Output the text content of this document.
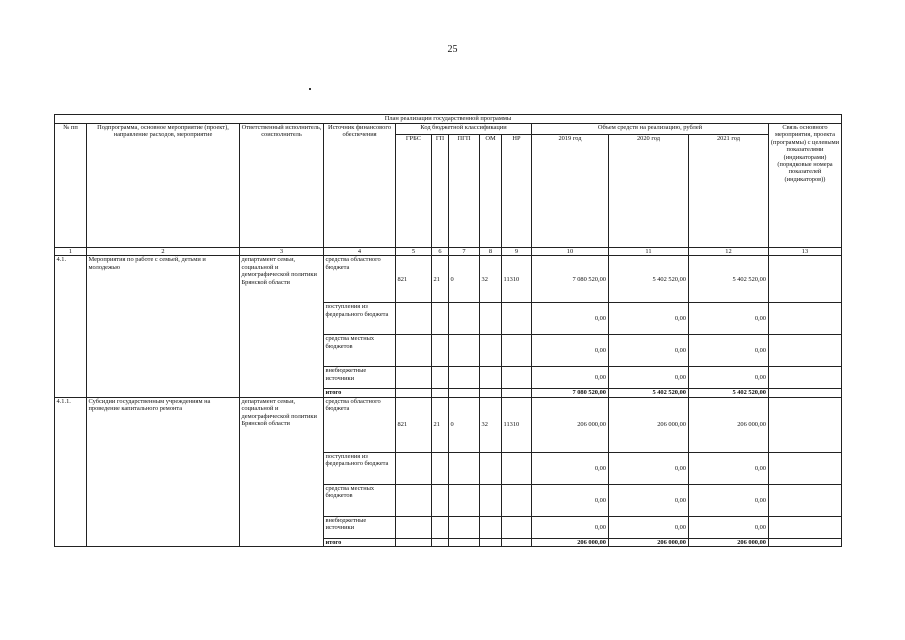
25
План реализации государственной программы												
№ пп	Подпрограмма, основное мероприятие (проект), направление расходов, мероприятие	Ответственный исполнитель, соисполнитель	Источник финансового обеспечения	Код бюджетной классификации					Объем средств на реализацию, рублей			Связь основного мероприятия, проекта (программы) с целевыми показателями (индикаторами) (порядковые номера показателей (индикаторов))
				ГРБС	ГП	ПГП	ОМ	НР	2019 год	2020 год	2021 год	
1	2	3	4	5	6	7	8	9	10	11	12	13
4.1.	Мероприятия по работе с семьей, детьми и молодежью	департамент семьи, социальной и демографической политики Брянской области	средства областного бюджета	821	21	0	32	11310	7 080 520,00	5 402 520,00	5 402 520,00	
			поступления из федерального бюджета						0,00	0,00	0,00	
			средства местных бюджетов						0,00	0,00	0,00	
			внебюджетные источники						0,00	0,00	0,00	
			итого						7 080 520,00	5 402 520,00	5 402 520,00	
4.1.1.	Субсидии государственным учреждениям на проведение капитального ремонта	департамент семьи, социальной и демографической политики Брянской области	средства областного бюджета	821	21	0	32	11310	206 000,00	206 000,00	206 000,00	
			поступления из федерального бюджета						0,00	0,00	0,00	
			средства местных бюджетов						0,00	0,00	0,00	
			внебюджетные источники						0,00	0,00	0,00	
			итого						206 000,00	206 000,00	206 000,00	
